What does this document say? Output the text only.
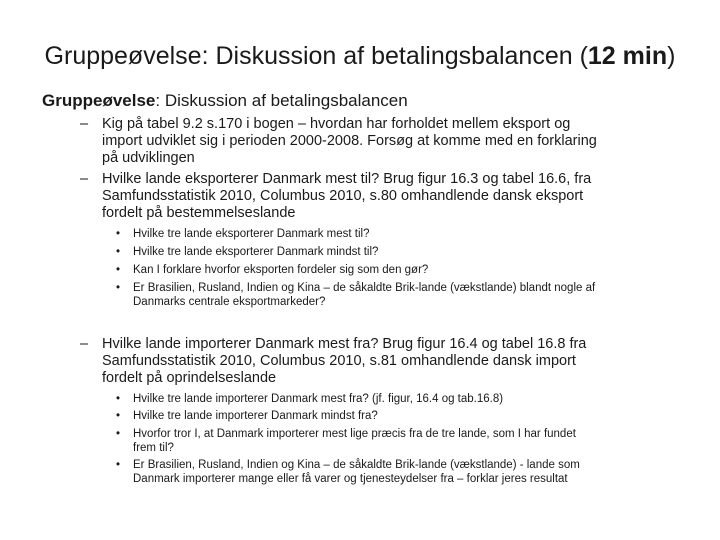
Gruppeøvelse: Diskussion af betalingsbalancen (12 min)
Gruppeøvelse: Diskussion af betalingsbalancen
– Kig på tabel 9.2 s.170 i bogen – hvordan har forholdet mellem eksport og
import udviklet sig i perioden 2000-2008. Forsøg at komme med en forklaring
på udviklingen
– Hvilke lande eksporterer Danmark mest til? Brug figur 16.3 og tabel 16.6, fra
Samfundsstatistik 2010, Columbus 2010, s.80 omhandlende dansk eksport
fordelt på bestemmelseslande
• Hvilke tre lande eksporterer Danmark mest til?
• Hvilke tre lande eksporterer Danmark mindst til?
• Kan I forklare hvorfor eksporten fordeler sig som den gør?
• Er Brasilien, Rusland, Indien og Kina – de såkaldte Brik-lande (vækstlande) blandt nogle af
Danmarks centrale eksportmarkeder?
– Hvilke lande importerer Danmark mest fra? Brug figur 16.4 og tabel 16.8 fra
Samfundsstatistik 2010, Columbus 2010, s.81 omhandlende dansk import
fordelt på oprindelseslande
• Hvilke tre lande importerer Danmark mest fra? (jf. figur, 16.4 og tab.16.8)
• Hvilke tre lande importerer Danmark mindst fra?
• Hvorfor tror I, at Danmark importerer mest lige præcis fra de tre lande, som I har fundet
frem til?
• Er Brasilien, Rusland, Indien og Kina – de såkaldte Brik-lande (vækstlande) - lande som
Danmark importerer mange eller få varer og tjenesteydelser fra – forklar jeres resultat
